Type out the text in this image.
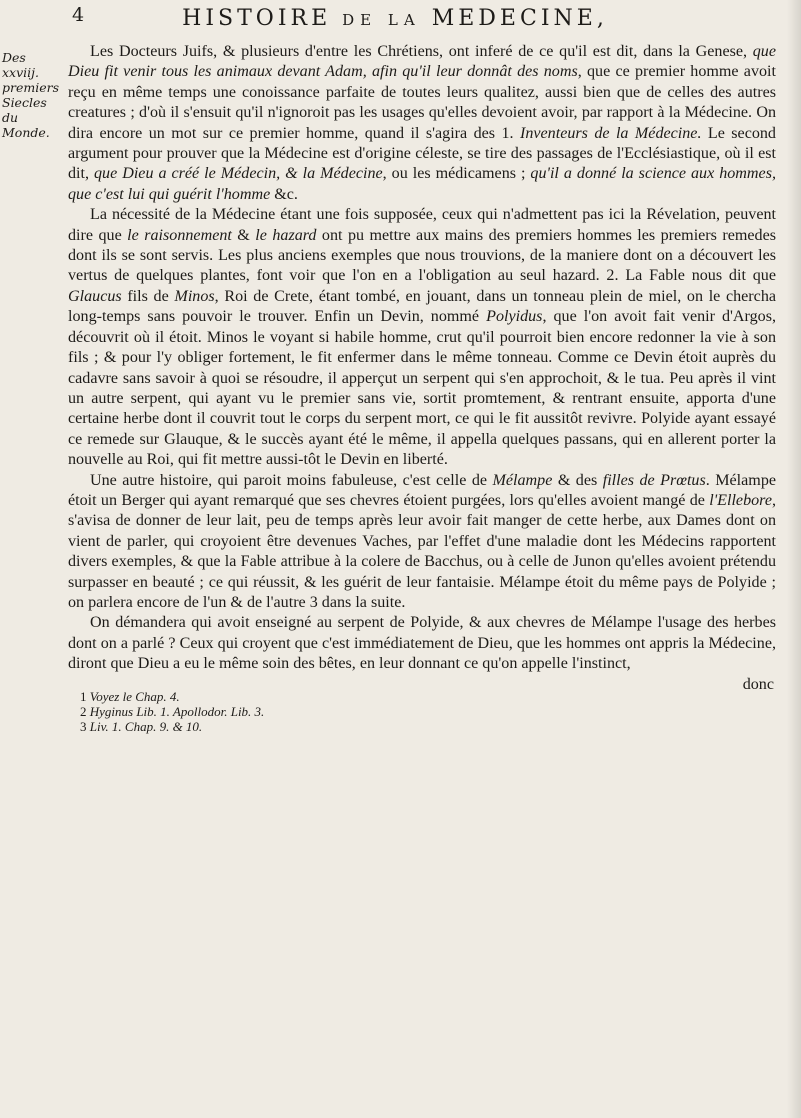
4	HISTOIRE DE LA MEDECINE,
Des
xxviij.
premiers
Siecles du
Monde.

Les Docteurs Juifs, & plusieurs d'entre les Chrétiens, ont inferé de ce qu'il est dit, dans la Genese, que Dieu fit venir tous les animaux devant Adam, afin qu'il leur donnât des noms, que ce premier homme avoit reçu en même temps une conoissance parfaite de toutes leurs qualitez, aussi bien que de celles des autres creatures ; d'où il s'ensuit qu'il n'ignoroit pas les usages qu'elles devoient avoir, par rapport à la Médecine. On dira encore un mot sur ce premier homme, quand il s'agira des 1. Inventeurs de la Médecine. Le second argument pour prouver que la Médecine est d'origine céleste, se tire des passages de l'Ecclésiastique, où il est dit, que Dieu a créé le Médecin, & la Médecine, ou les médicamens ; qu'il a donné la science aux hommes, que c'est lui qui guérit l'homme &c.

La nécessité de la Médecine étant une fois supposée, ceux qui n'admettent pas ici la Révelation, peuvent dire que le raisonnement & le hazard ont pu mettre aux mains des premiers hommes les premiers remedes dont ils se sont servis. Les plus anciens exemples que nous trouvions, de la maniere dont on a découvert les vertus de quelques plantes, font voir que l'on en a l'obligation au seul hazard. 2. La Fable nous dit que Glaucus fils de Minos, Roi de Crete, étant tombé, en jouant, dans un tonneau plein de miel, on le chercha long-temps sans pouvoir le trouver. Enfin un Devin, nommé Polyidus, que l'on avoit fait venir d'Argos, découvrit où il étoit. Minos le voyant si habile homme, crut qu'il pourroit bien encore redonner la vie à son fils ; & pour l'y obliger fortement, le fit enfermer dans le même tonneau. Comme ce Devin étoit auprès du cadavre sans savoir à quoi se résoudre, il apperçut un serpent qui s'en approchoit, & le tua. Peu après il vint un autre serpent, qui ayant vu le premier sans vie, sortit promtement, & rentrant ensuite, apporta d'une certaine herbe dont il couvrit tout le corps du serpent mort, ce qui le fit aussitôt revivre. Polyide ayant essayé ce remede sur Glauque, & le succès ayant été le même, il appella quelques passans, qui en allerent porter la nouvelle au Roi, qui fit mettre aussi-tôt le Devin en liberté.

Une autre histoire, qui paroit moins fabuleuse, c'est celle de Mélampe & des filles de Prœtus. Mélampe étoit un Berger qui ayant remarqué que ses chevres étoient purgées, lors qu'elles avoient mangé de l'Ellebore, s'avisa de donner de leur lait, peu de temps après leur avoir fait manger de cette herbe, aux Dames dont on vient de parler, qui croyoient être devenues Vaches, par l'effet d'une maladie dont les Médecins rapportent divers exemples, & que la Fable attribue à la colere de Bacchus, ou à celle de Junon qu'elles avoient prétendu surpasser en beauté ; ce qui réussit, & les guérit de leur fantaisie. Mélampe étoit du même pays de Polyide ; on parlera encore de l'un & de l'autre 3 dans la suite.

On démandera qui avoit enseigné au serpent de Polyide, & aux chevres de Mélampe l'usage des herbes dont on a parlé ? Ceux qui croyent que c'est immédiatement de Dieu, que les hommes ont appris la Médecine, diront que Dieu a eu le même soin des bêtes, en leur donnant ce qu'on appelle l'instinct,

donc
1 Voyez le Chap. 4.
2 Hyginus Lib. 1. Apollodor. Lib. 3.
3 Liv. 1. Chap. 9. & 10.
